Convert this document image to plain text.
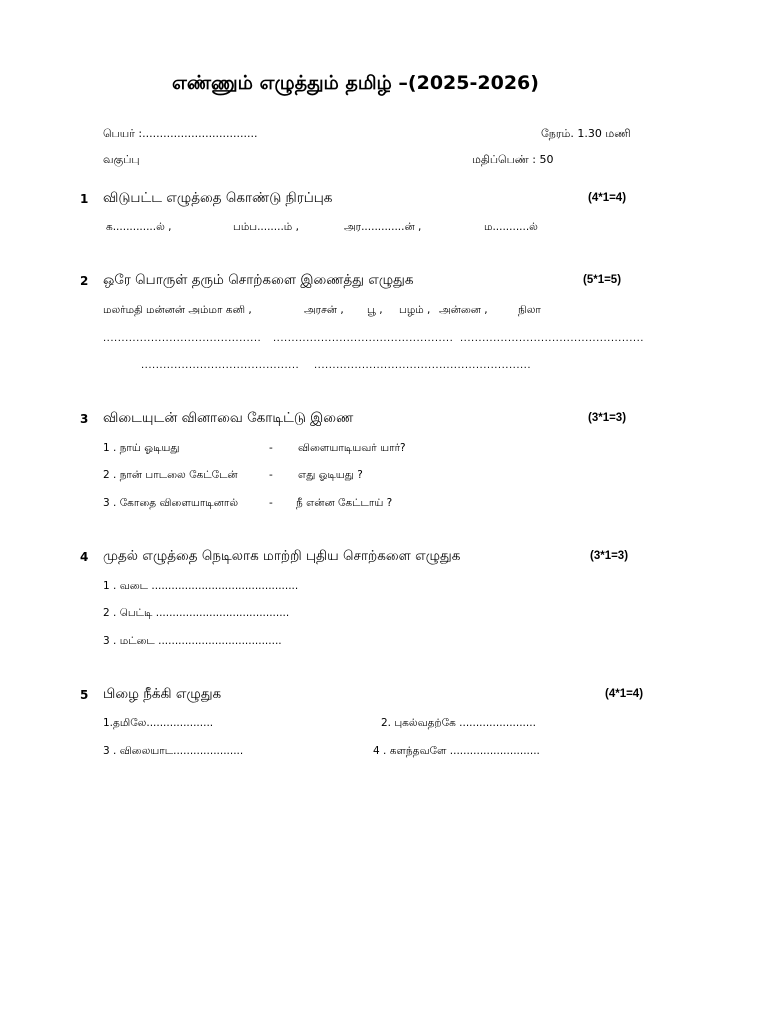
எண்ணும் எழுத்தும் தமிழ் –(2025-2026)
பெயர் :.................................	நேரம். 1.30 மணி
வகுப்பு	மதிப்பெண் : 50
1 விடுபட்ட எழுத்தை கொண்டு நிரப்புக	(4*1=4)
க.............ல் ,	பம்ப........ம் ,	அர.............ன் ,	ம...........ல்
2 ஒரே பொருள் தரும் சொற்களை இணைத்து எழுதுக	(5*1=5)
மலர்மதி மன்னன் அம்மா கனி ,	அரசன் , பூ , பழம் , அன்னை ,	நிலா
........................................... ................................................. ..................................................
........................................... ...........................................................
3 விடையுடன் வினாவை கோடிட்டு இணை	(3*1=3)
1 . நாய் ஓடியது	- விளையாடியவர் யார்?
2 . நான் பாடலை கேட்டேன்	- எது ஓடியது ?
3 . கோதை விளையாடினால்	- நீ என்ன கேட்டாய் ?
4 முதல் எழுத்தை நெடிலாக மாற்றி புதிய சொற்களை எழுதுக	(3*1=3)
1 . வடை ............................................
2 . பெட்டி ........................................
3 . மட்டை .....................................
5 பிழை நீக்கி எழுதுக	(4*1=4)
1.தமிலே....................	2. புகல்வதற்கே .......................
3 . விலையாட.....................	4 . களந்தவளே ...........................
